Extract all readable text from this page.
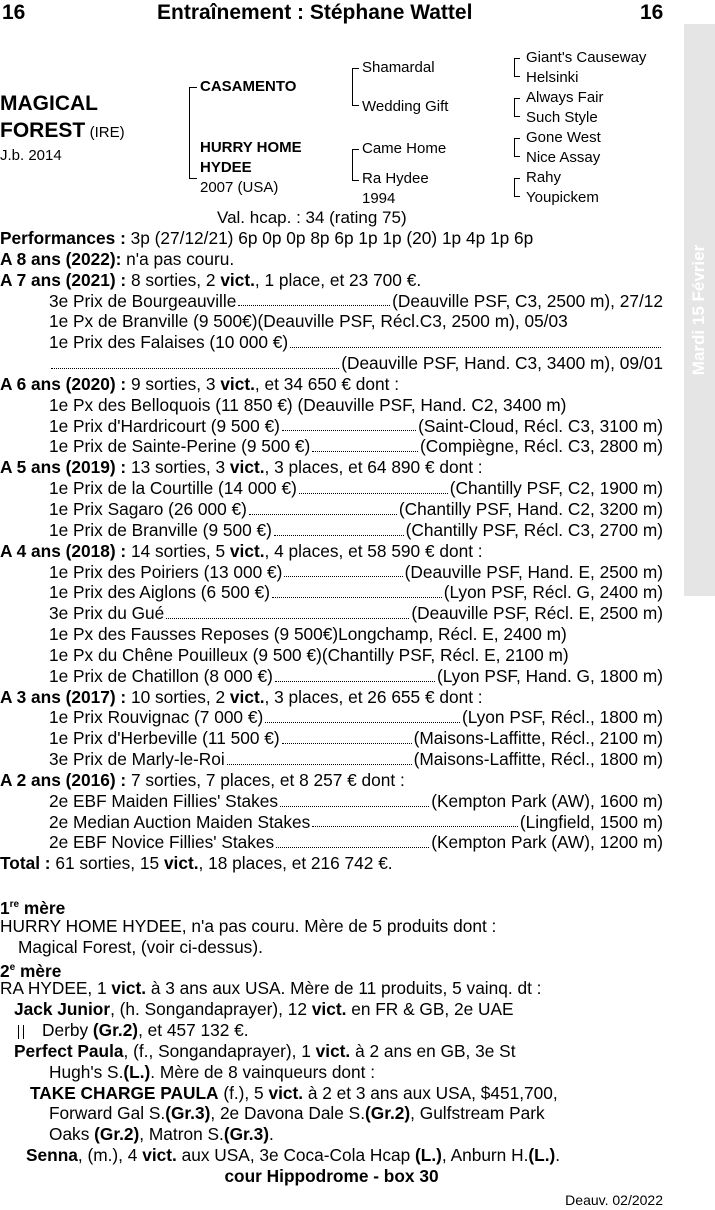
16	Entraînement : Stéphane Wattel	16
Mardi 15 Février
MAGICAL
FOREST (IRE)
J.b. 2014
CASAMENTO
HURRY HOME
HYDEE
2007 (USA)
Shamardal
Wedding Gift
Came Home
Ra Hydee
1994
Giant's Causeway
Helsinki
Always Fair
Such Style
Gone West
Nice Assay
Rahy
Youpickem
Val. hcap. : 34 (rating 75)
Performances : 3p (27/12/21) 6p 0p 0p 8p 6p 1p 1p (20) 1p 4p 1p 6p
A 8 ans (2022): n'a pas couru.
A 7 ans (2021) : 8 sorties, 2 vict., 1 place, et 23 700 €.
3e Prix de Bourgeauville	(Deauville PSF, C3, 2500 m), 27/12
1e Px de Branville (9 500€)(Deauville PSF, Récl.C3, 2500 m), 05/03
1e Prix des Falaises (10 000 €)
(Deauville PSF, Hand. C3, 3400 m), 09/01
A 6 ans (2020) : 9 sorties, 3 vict., et 34 650 € dont :
1e Px des Belloquois (11 850 €) (Deauville PSF, Hand. C2, 3400 m)
1e Prix d'Hardricourt (9 500 €)	(Saint-Cloud, Récl. C3, 3100 m)
1e Prix de Sainte-Perine (9 500 €)	(Compiègne, Récl. C3, 2800 m)
A 5 ans (2019) : 13 sorties, 3 vict., 3 places, et 64 890 € dont :
1e Prix de la Courtille (14 000 €)	(Chantilly PSF, C2, 1900 m)
1e Prix Sagaro (26 000 €)	(Chantilly PSF, Hand. C2, 3200 m)
1e Prix de Branville (9 500 €)	(Chantilly PSF, Récl. C3, 2700 m)
A 4 ans (2018) : 14 sorties, 5 vict., 4 places, et 58 590 € dont :
1e Prix des Poiriers (13 000 €)	(Deauville PSF, Hand. E, 2500 m)
1e Prix des Aiglons (6 500 €)	(Lyon PSF, Récl. G, 2400 m)
3e Prix du Gué	(Deauville PSF, Récl. E, 2500 m)
1e Px des Fausses Reposes (9 500€)Longchamp, Récl. E, 2400 m)
1e Px du Chêne Pouilleux (9 500 €)(Chantilly PSF, Récl. E, 2100 m)
1e Prix de Chatillon (8 000 €)	(Lyon PSF, Hand. G, 1800 m)
A 3 ans (2017) : 10 sorties, 2 vict., 3 places, et 26 655 € dont :
1e Prix Rouvignac (7 000 €)	(Lyon PSF, Récl., 1800 m)
1e Prix d'Herbeville (11 500 €)	(Maisons-Laffitte, Récl., 2100 m)
3e Prix de Marly-le-Roi	(Maisons-Laffitte, Récl., 1800 m)
A 2 ans (2016) : 7 sorties, 7 places, et 8 257 € dont :
2e EBF Maiden Fillies' Stakes	(Kempton Park (AW), 1600 m)
2e Median Auction Maiden Stakes	(Lingfield, 1500 m)
2e EBF Novice Fillies' Stakes	(Kempton Park (AW), 1200 m)
Total : 61 sorties, 15 vict., 18 places, et 216 742 €.
1re mère
HURRY HOME HYDEE, n'a pas couru. Mère de 5 produits dont :
Magical Forest, (voir ci-dessus).
2e mère
RA HYDEE, 1 vict. à 3 ans aux USA. Mère de 11 produits, 5 vainq. dt :
Jack Junior, (h. Songandaprayer), 12 vict. en FR & GB, 2e UAE
Derby (Gr.2), et 457 132 €.
Perfect Paula, (f., Songandaprayer), 1 vict. à 2 ans en GB, 3e St
Hugh's S.(L.). Mère de 8 vainqueurs dont :
TAKE CHARGE PAULA (f.), 5 vict. à 2 et 3 ans aux USA, $451,700,
Forward Gal S.(Gr.3), 2e Davona Dale S.(Gr.2), Gulfstream Park
Oaks (Gr.2), Matron S.(Gr.3).
Senna, (m.), 4 vict. aux USA, 3e Coca-Cola Hcap (L.), Anburn H.(L.).
cour Hippodrome - box 30
Deauv. 02/2022
